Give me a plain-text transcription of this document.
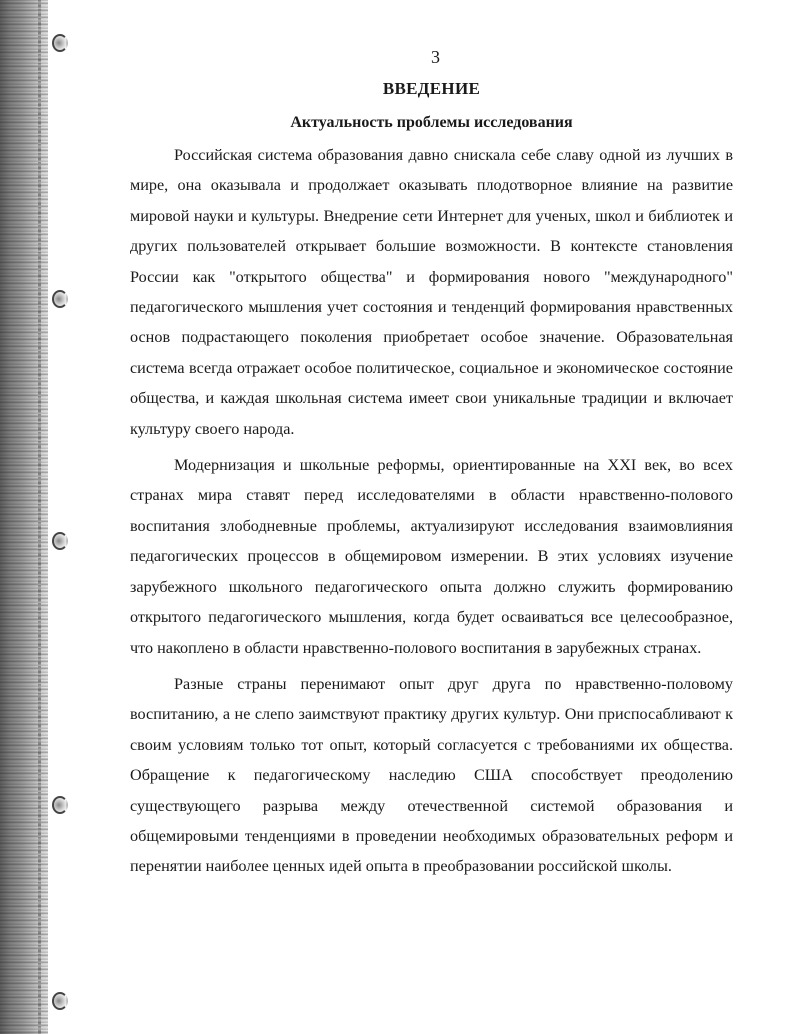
3
ВВЕДЕНИЕ
Актуальность проблемы исследования

Российская система образования давно снискала себе славу одной из лучших в мире, она оказывала и продолжает оказывать плодотворное влияние на развитие мировой науки и культуры. Внедрение сети Интернет для ученых, школ и библиотек и других пользователей открывает большие возможности. В контексте становления России как "открытого общества" и формирования нового "международного" педагогического мышления учет состояния и тенденций формирования нравственных основ подрастающего поколения приобретает особое значение. Образовательная система всегда отражает особое политическое, социальное и экономическое состояние общества, и каждая школьная система имеет свои уникальные традиции и включает культуру своего народа.

Модернизация и школьные реформы, ориентированные на XXI век, во всех странах мира ставят перед исследователями в области нравственно-полового воспитания злободневные проблемы, актуализируют исследования взаимовлияния педагогических процессов в общемировом измерении. В этих условиях изучение зарубежного школьного педагогического опыта должно служить формированию открытого педагогического мышления, когда будет осваиваться все целесообразное, что накоплено в области нравственно-полового воспитания в зарубежных странах.

Разные страны перенимают опыт друг друга по нравственно-половому воспитанию, а не слепо заимствуют практику других культур. Они приспосабливают к своим условиям только тот опыт, который согласуется с требованиями их общества. Обращение к педагогическому наследию США способствует преодолению существующего разрыва между отечественной системой образования и общемировыми тенденциями в проведении необходимых образовательных реформ и перенятии наиболее ценных идей опыта в преобразовании российской школы.
